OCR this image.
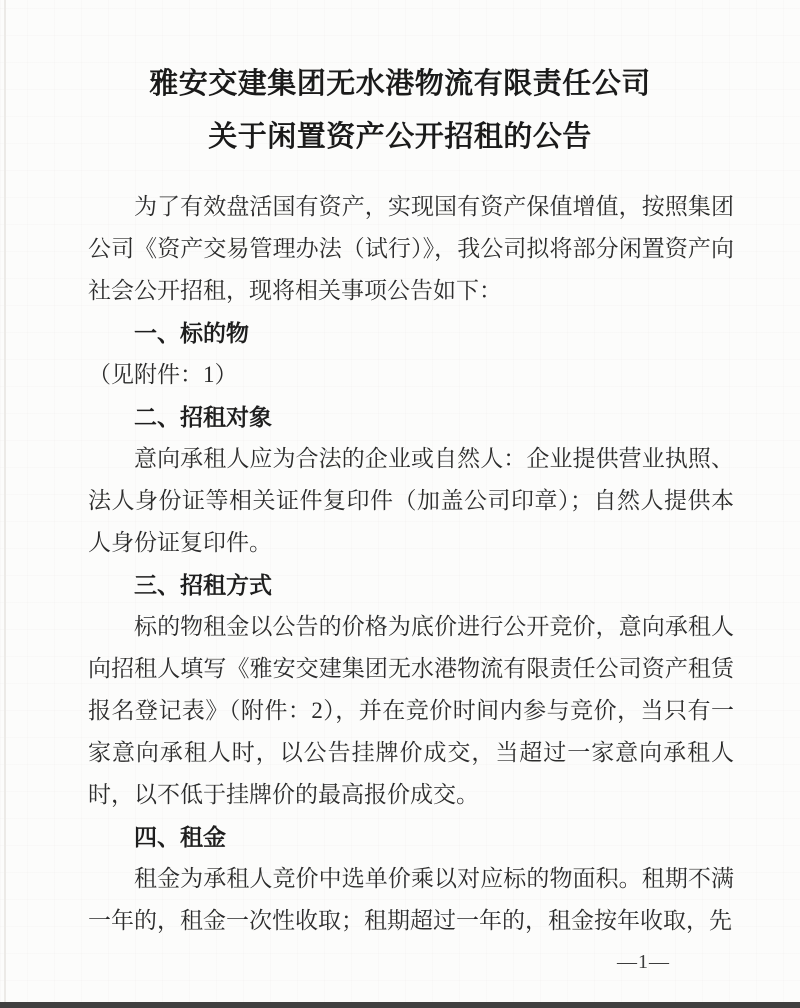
雅安交建集团无水港物流有限责任公司
关于闲置资产公开招租的公告

为了有效盘活国有资产，实现国有资产保值增值，按照集团公司《资产交易管理办法（试行）》，我公司拟将部分闲置资产向社会公开招租，现将相关事项公告如下：

一、标的物

（见附件：1）

二、招租对象

意向承租人应为合法的企业或自然人：企业提供营业执照、法人身份证等相关证件复印件（加盖公司印章）；自然人提供本人身份证复印件。

三、招租方式

标的物租金以公告的价格为底价进行公开竞价，意向承租人向招租人填写《雅安交建集团无水港物流有限责任公司资产租赁报名登记表》（附件：2），并在竞价时间内参与竞价，当只有一家意向承租人时，以公告挂牌价成交，当超过一家意向承租人时，以不低于挂牌价的最高报价成交。

四、租金

租金为承租人竞价中选单价乘以对应标的物面积。租期不满一年的，租金一次性收取；租期超过一年的，租金按年收取，先

—1—
